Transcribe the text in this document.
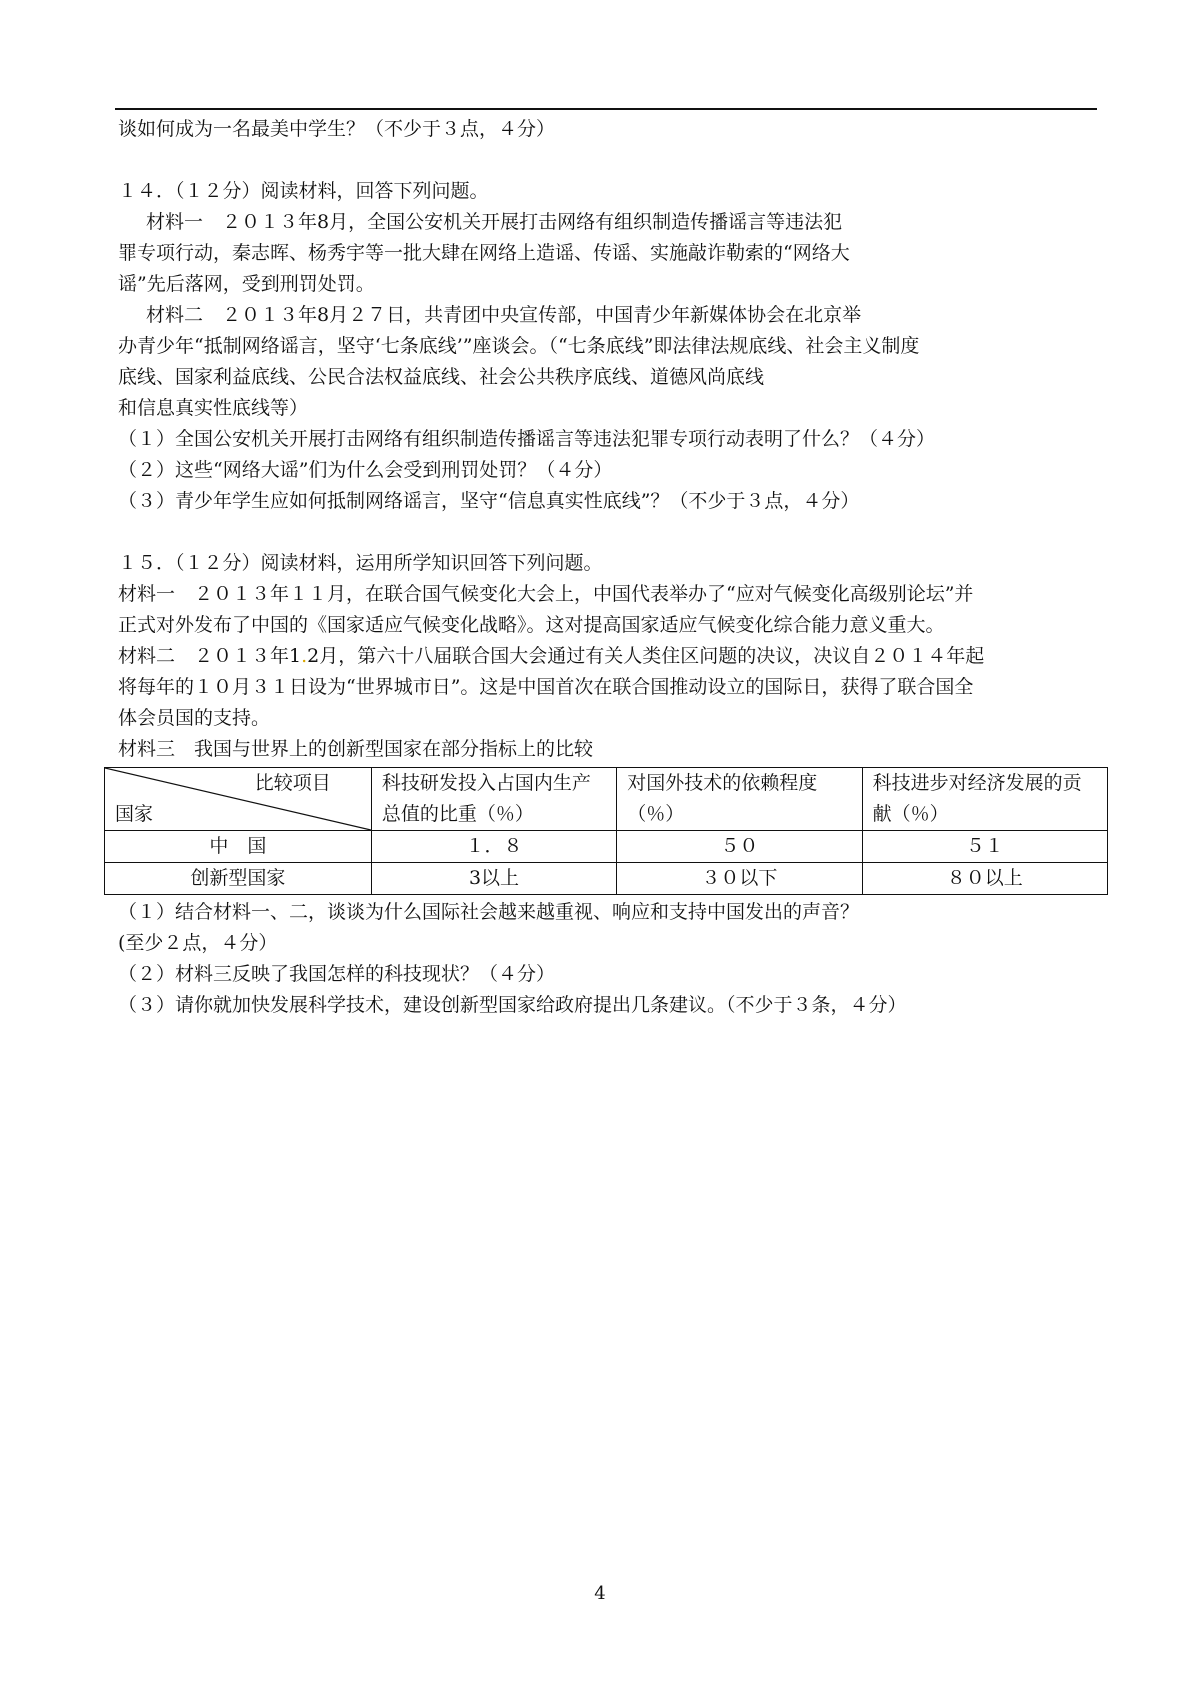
谈如何成为一名最美中学生？（不少于３点，４分）

１４．（１２分）阅读材料，回答下列问题。

材料一　２０１３年8月，全国公安机关开展打击网络有组织制造传播谣言等违法犯

罪专项行动，秦志晖、杨秀宇等一批大肆在网络上造谣、传谣、实施敲诈勒索的“网络大

谣”先后落网，受到刑罚处罚。

材料二　２０１３年8月２７日，共青团中央宣传部，中国青少年新媒体协会在北京举

办青少年“抵制网络谣言，坚守‘七条底线’”座谈会。（“七条底线”即法律法规底线、社会主义制度

底线、国家利益底线、公民合法权益底线、社会公共秩序底线、道德风尚底线

和信息真实性底线等）

（１）全国公安机关开展打击网络有组织制造传播谣言等违法犯罪专项行动表明了什么？（４分）

（２）这些“网络大谣”们为什么会受到刑罚处罚？（４分）

（３）青少年学生应如何抵制网络谣言，坚守“信息真实性底线”？（不少于３点，４分）

１５．（１２分）阅读材料，运用所学知识回答下列问题。

材料一　２０１３年１１月，在联合国气候变化大会上，中国代表举办了“应对气候变化高级别论坛”并

正式对外发布了中国的《国家适应气候变化战略》。这对提高国家适应气候变化综合能力意义重大。

材料二　２０１３年1.2月，第六十八届联合国大会通过有关人类住区问题的决议，决议自２０１４年起

将每年的１０月３１日设为“世界城市日”。这是中国首次在联合国推动设立的国际日，获得了联合国全

体会员国的支持。

材料三　我国与世界上的创新型国家在部分指标上的比较

比较项目
国家	科技研发投入占国内生产总值的比重（％）	对国外技术的依赖程度（％）	科技进步对经济发展的贡献（％）
中　国	１．８	５０	５１
创新型国家	3以上	３０以下	８０以上

（１）结合材料一、二，谈谈为什么国际社会越来越重视、响应和支持中国发出的声音？

(至少２点，４分）

（２）材料三反映了我国怎样的科技现状？（４分）

（３）请你就加快发展科学技术，建设创新型国家给政府提出几条建议。（不少于３条，４分）

4
